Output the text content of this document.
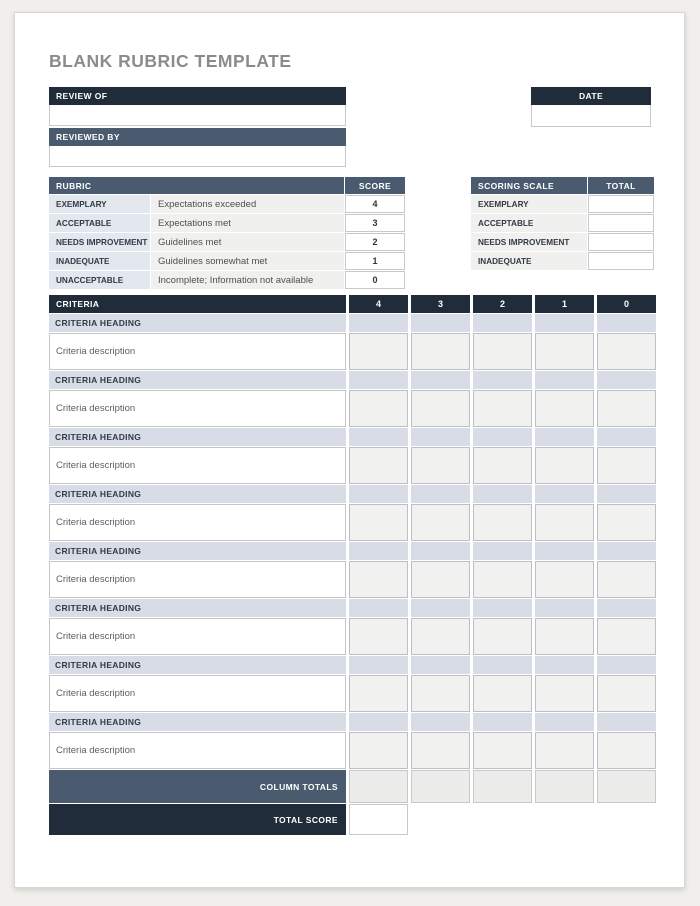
BLANK RUBRIC TEMPLATE
REVIEW OF
REVIEWED BY
DATE
RUBRIC	SCORE
EXEMPLARY	Expectations exceeded	4
ACCEPTABLE	Expectations met	3
NEEDS IMPROVEMENT	Guidelines met	2
INADEQUATE	Guidelines somewhat met	1
UNACCEPTABLE	Incomplete; Information not available	0
SCORING SCALE	TOTAL
EXEMPLARY
ACCEPTABLE
NEEDS IMPROVEMENT
INADEQUATE
CRITERIA	4	3	2	1	0
CRITERIA HEADING
Criteria description
CRITERIA HEADING
Criteria description
CRITERIA HEADING
Criteria description
CRITERIA HEADING
Criteria description
CRITERIA HEADING
Criteria description
CRITERIA HEADING
Criteria description
CRITERIA HEADING
Criteria description
CRITERIA HEADING
Criteria description
COLUMN TOTALS
TOTAL SCORE
